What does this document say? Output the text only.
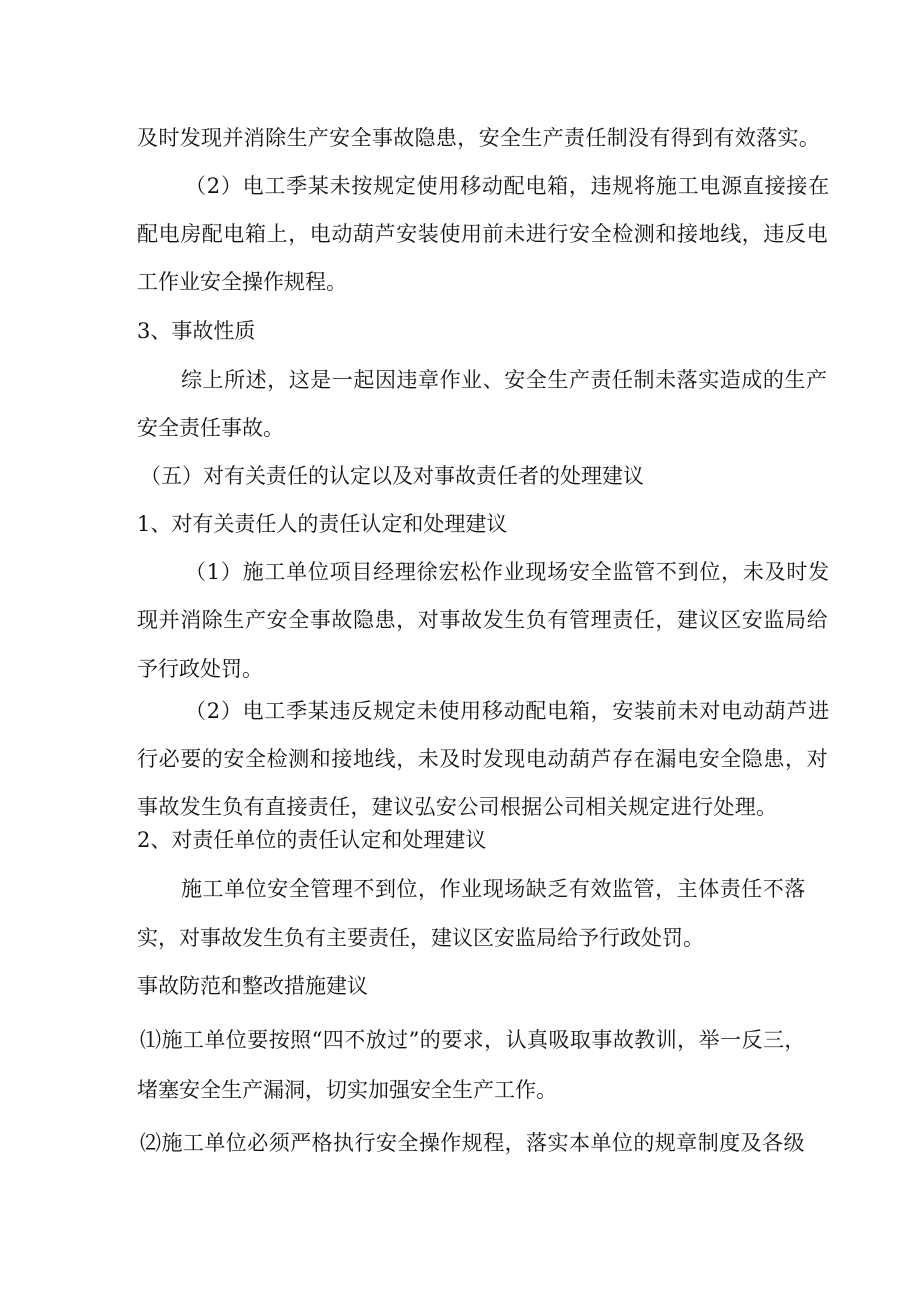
及时发现并消除生产安全事故隐患，安全生产责任制没有得到有效落实。

（2）电工季某未按规定使用移动配电箱，违规将施工电源直接接在

配电房配电箱上，电动葫芦安装使用前未进行安全检测和接地线，违反电

工作业安全操作规程。

3、事故性质

综上所述，这是一起因违章作业、安全生产责任制未落实造成的生产

安全责任事故。

（五）对有关责任的认定以及对事故责任者的处理建议

1、对有关责任人的责任认定和处理建议

（1）施工单位项目经理徐宏松作业现场安全监管不到位，未及时发

现并消除生产安全事故隐患，对事故发生负有管理责任，建议区安监局给

予行政处罚。

（2）电工季某违反规定未使用移动配电箱，安装前未对电动葫芦进

行必要的安全检测和接地线，未及时发现电动葫芦存在漏电安全隐患，对

事故发生负有直接责任，建议弘安公司根据公司相关规定进行处理。

2、对责任单位的责任认定和处理建议

施工单位安全管理不到位，作业现场缺乏有效监管，主体责任不落

实，对事故发生负有主要责任，建议区安监局给予行政处罚。

事故防范和整改措施建议

⑴施工单位要按照“四不放过”的要求，认真吸取事故教训，举一反三，

堵塞安全生产漏洞，切实加强安全生产工作。

⑵施工单位必须严格执行安全操作规程，落实本单位的规章制度及各级
